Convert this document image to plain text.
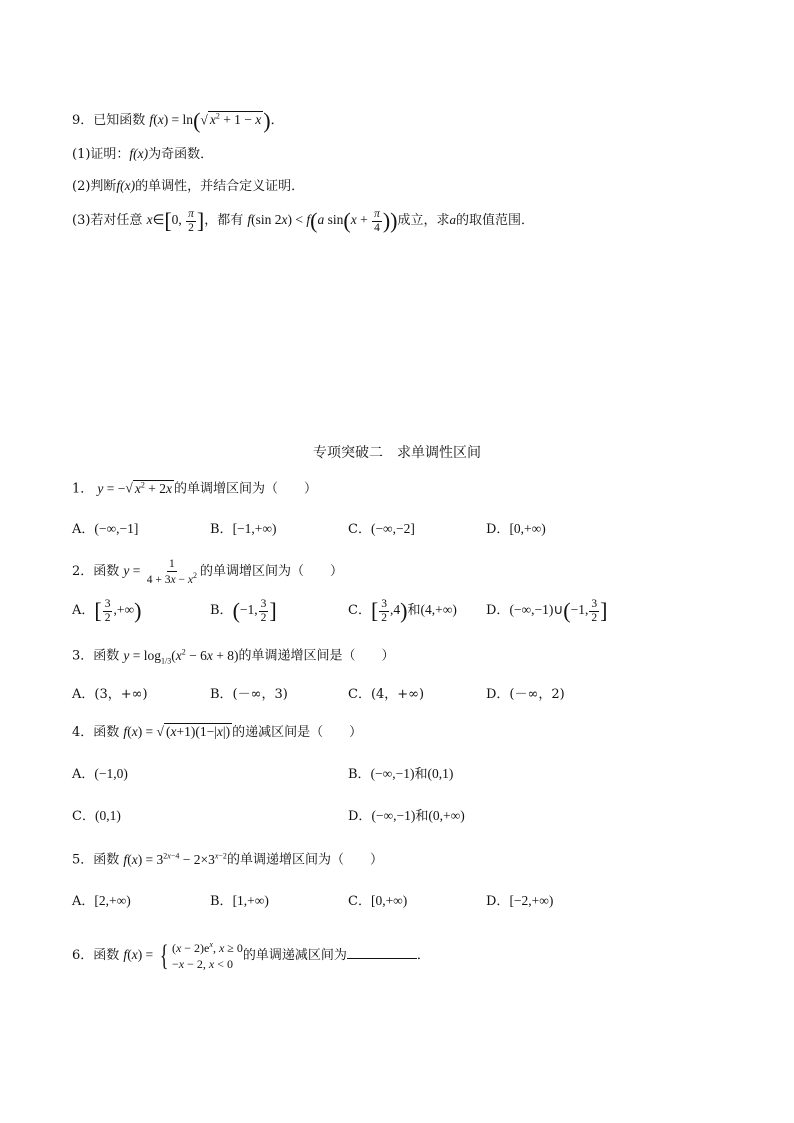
9．已知函数 f(x) = ln(√ $x^2 + 1 - x$)．
(1)证明：f(x)为奇函数．
(2)判断f(x)的单调性，并结合定义证明．
(3)若对任意 x∈[0, $\frac{\pi}{2}$ ]，都有 f(sin 2x) < f(a $\sin(x + \frac{\pi}{4}$ ))成立，求a的取值范围．
专项突破二　求单调性区间
1． y = −√ $x^2 + 2x$ 的单调增区间为（　　）
A．(−∞,−1]	B．[−1,+∞)	C．(−∞,−2]	D．[0,+∞)
2．函数 $y = \frac{1}{4 + 3x - x^2}$ 的单调增区间为（　　）
A．[ $\frac{3}{2}$ ,+∞)	B．(−1, $\frac{3}{2}$ ]	C．[ $\frac{3}{2} ,4$)和(4,+∞) D．(−∞,−1)∪(−1, $\frac{3}{2}$ ]
3．函数 $y = \log_{1/3}(x^2 - 6x + 8)$的单调递增区间是（　　）
A．(3，+∞)	B．(－∞，3)	C．(4，+∞)	D．(－∞，2)
4．函数 f(x) = √ (x+1)(1−|x|) 的递减区间是（　　）
A．(−1,0)	B．(−∞,−1)和(0,1)
C．(0,1)	D．(−∞,−1)和(0,+∞)
5．函数 $f(x) = 3^{2x-4} - 2\times 3^{x-2}$的单调递增区间为（　　）
A．[2,+∞)	B．[1,+∞)	C．[0,+∞)	D．[−2,+∞)
6．函数 f(x) = { $(x - 2)e^x$, x ≥ 0
−x − 2, x < 0
的单调递减区间为	．
